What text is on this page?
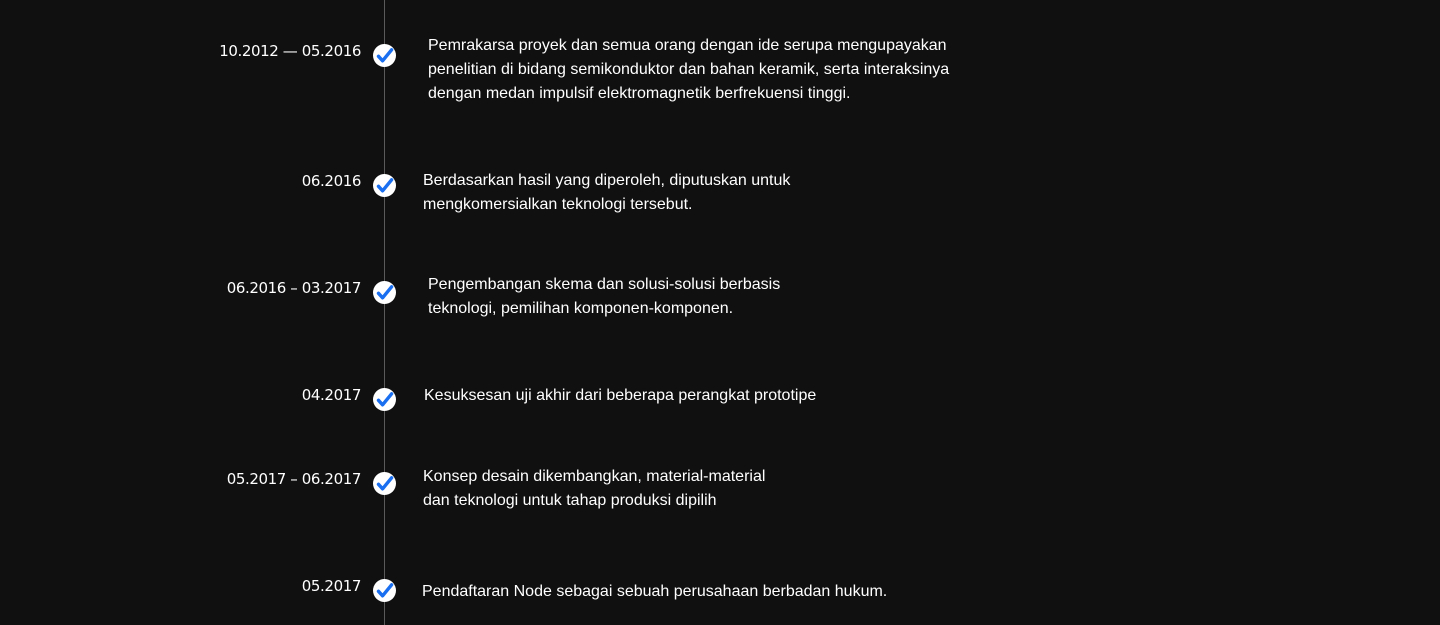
10.2012 — 05.2016	Pemrakarsa proyek dan semua orang dengan ide serupa mengupayakan
penelitian di bidang semikonduktor dan bahan keramik, serta interaksinya
dengan medan impulsif elektromagnetik berfrekuensi tinggi.
06.2016	Berdasarkan hasil yang diperoleh, diputuskan untuk
mengkomersialkan teknologi tersebut.
06.2016 – 03.2017	Pengembangan skema dan solusi-solusi berbasis
teknologi, pemilihan komponen-komponen.
04.2017	Kesuksesan uji akhir dari beberapa perangkat prototipe
05.2017 – 06.2017	Konsep desain dikembangkan, material-material
dan teknologi untuk tahap produksi dipilih
05.2017	Pendaftaran Node sebagai sebuah perusahaan berbadan hukum.
